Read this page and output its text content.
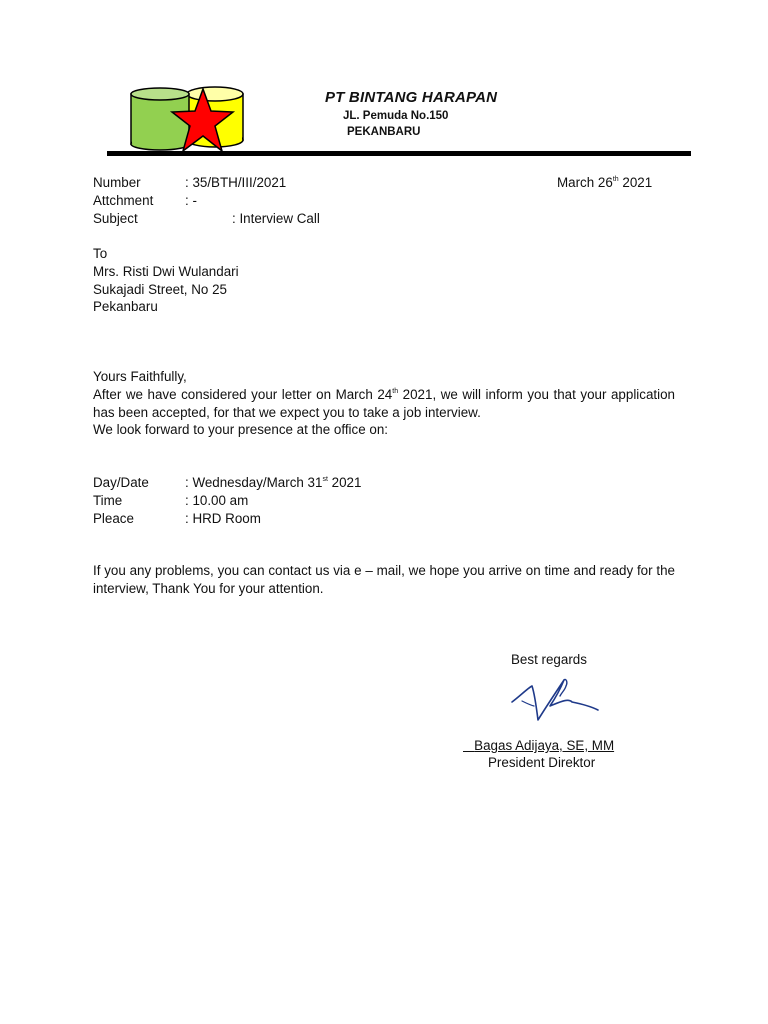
PT BINTANG HARAPAN
JL. Pemuda No.150
PEKANBARU
Number	: 35/BTH/III/2021	March 26th 2021
Attchment : -
Subject	: Interview Call
To
Mrs. Risti Dwi Wulandari
Sukajadi Street, No 25
Pekanbaru
Yours Faithfully,

After we have considered your letter on March 24th 2021, we will inform you that your application has been accepted, for that we expect you to take a job interview.

We look forward to your presence at the office on:
Day/Date	: Wednesday/March 31st 2021
Time	: 10.00 am
Pleace	: HRD Room

If you any problems, you can contact us via e – mail, we hope you arrive on time and ready for the interview, Thank You for your attention.

Best regards
Bagas Adijaya, SE, MM
President Direktor
